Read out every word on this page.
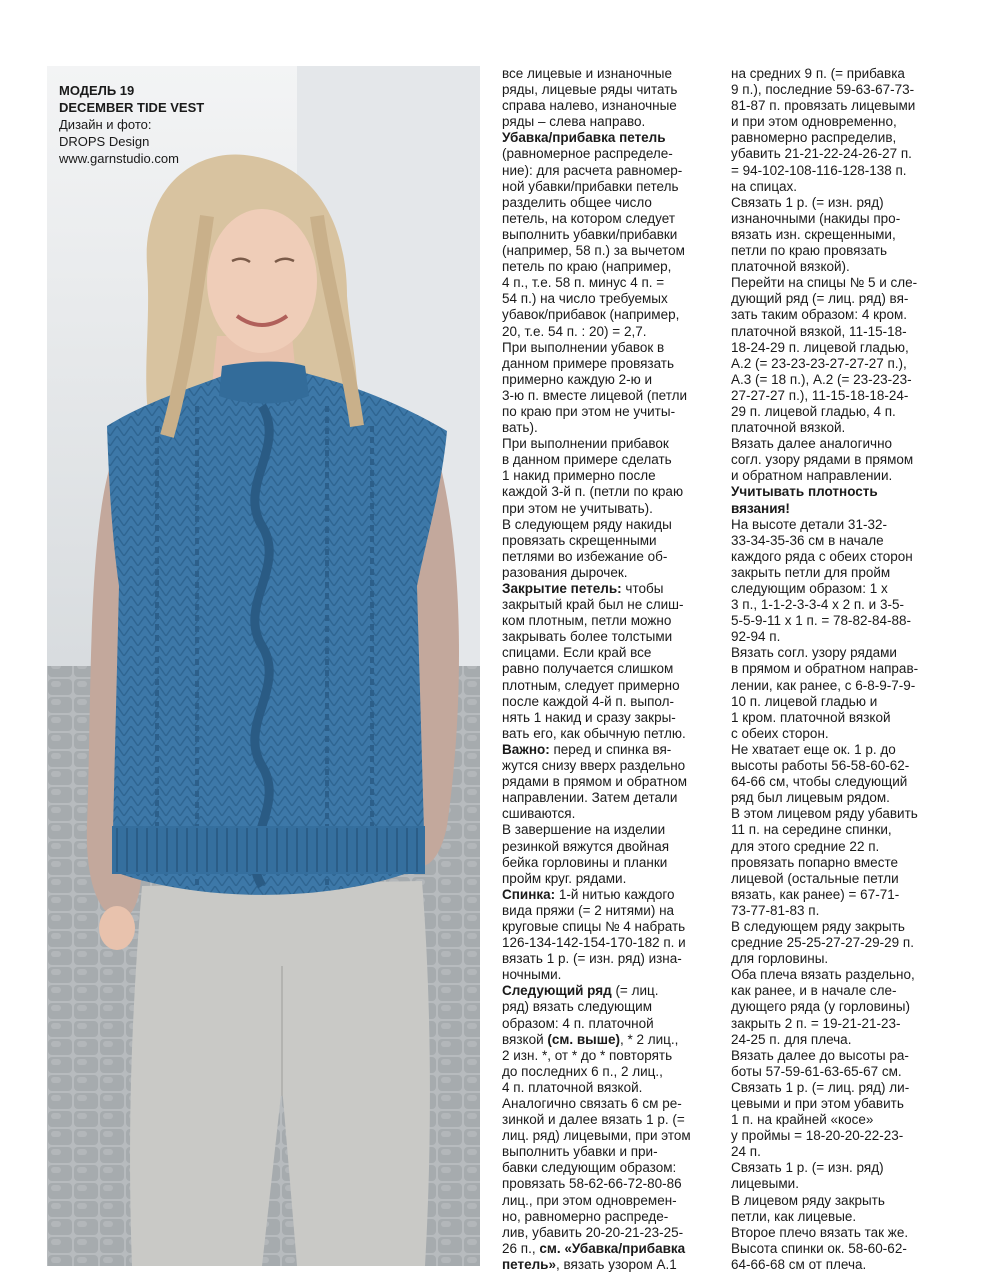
МОДЕЛЬ 19
DECEMBER TIDE VEST
Дизайн и фото:
DROPS Design
www.garnstudio.com
все лицевые и изнаночные
ряды, лицевые ряды читать
справа налево, изнаночные
ряды – слева направо.
Убавка/прибавка петель
(равномерное распределе-
ние): для расчета равномер-
ной убавки/прибавки петель
разделить общее число
петель, на котором следует
выполнить убавки/прибавки
(например, 58 п.) за вычетом
петель по краю (например,
4 п., т.е. 58 п. минус 4 п. =
54 п.) на число требуемых
убавок/прибавок (например,
20, т.е. 54 п. : 20) = 2,7.
При выполнении убавок в
данном примере провязать
примерно каждую 2-ю и
3-ю п. вместе лицевой (петли
по краю при этом не учиты-
вать).
При выполнении прибавок
в данном примере сделать
1 накид примерно после
каждой 3-й п. (петли по краю
при этом не учитывать).
В следующем ряду накиды
провязать скрещенными
петлями во избежание об-
разования дырочек.
Закрытие петель: чтобы
закрытый край был не слиш-
ком плотным, петли можно
закрывать более толстыми
спицами. Если край все
равно получается слишком
плотным, следует примерно
после каждой 4-й п. выпол-
нять 1 накид и сразу закры-
вать его, как обычную петлю.
Важно: перед и спинка вя-
жутся снизу вверх раздельно
рядами в прямом и обратном
направлении. Затем детали
сшиваются.
В завершение на изделии
резинкой вяжутся двойная
бейка горловины и планки
пройм круг. рядами.
Спинка: 1-й нитью каждого
вида пряжи (= 2 нитями) на
круговые спицы № 4 набрать
126-134-142-154-170-182 п. и
вязать 1 р. (= изн. ряд) изна-
ночными.
Следующий ряд (= лиц.
ряд) вязать следующим
образом: 4 п. платочной
вязкой (см. выше), * 2 лиц.,
2 изн. *, от * до * повторять
до последних 6 п., 2 лиц.,
4 п. платочной вязкой.
Аналогично связать 6 см ре-
зинкой и далее вязать 1 р. (=
лиц. ряд) лицевыми, при этом
выполнить убавки и при-
бавки следующим образом:
провязать 58-62-66-72-80-86
лиц., при этом одновремен-
но, равномерно распреде-
лив, убавить 20-20-21-23-25-
26 п., см. «Убавка/прибавка
петель», вязать узором А.1
на средних 9 п. (= прибавка
9 п.), последние 59-63-67-73-
81-87 п. провязать лицевыми
и при этом одновременно,
равномерно распределив,
убавить 21-21-22-24-26-27 п.
= 94-102-108-116-128-138 п.
на спицах.
Связать 1 р. (= изн. ряд)
изнаночными (накиды про-
вязать изн. скрещенными,
петли по краю провязать
платочной вязкой).
Перейти на спицы № 5 и сле-
дующий ряд (= лиц. ряд) вя-
зать таким образом: 4 кром.
платочной вязкой, 11-15-18-
18-24-29 п. лицевой гладью,
А.2 (= 23-23-23-27-27-27 п.),
А.3 (= 18 п.), А.2 (= 23-23-23-
27-27-27 п.), 11-15-18-18-24-
29 п. лицевой гладью, 4 п.
платочной вязкой.
Вязать далее аналогично
согл. узору рядами в прямом
и обратном направлении.
Учитывать плотность
вязания!
На высоте детали 31-32-
33-34-35-36 см в начале
каждого ряда с обеих сторон
закрыть петли для пройм
следующим образом: 1 х
3 п., 1-1-2-3-3-4 х 2 п. и 3-5-
5-5-9-11 х 1 п. = 78-82-84-88-
92-94 п.
Вязать согл. узору рядами
в прямом и обратном направ-
лении, как ранее, с 6-8-9-7-9-
10 п. лицевой гладью и
1 кром. платочной вязкой
с обеих сторон.
Не хватает еще ок. 1 р. до
высоты работы 56-58-60-62-
64-66 см, чтобы следующий
ряд был лицевым рядом.
В этом лицевом ряду убавить
11 п. на середине спинки,
для этого средние 22 п.
провязать попарно вместе
лицевой (остальные петли
вязать, как ранее) = 67-71-
73-77-81-83 п.
В следующем ряду закрыть
средние 25-25-27-27-29-29 п.
для горловины.
Оба плеча вязать раздельно,
как ранее, и в начале сле-
дующего ряда (у горловины)
закрыть 2 п. = 19-21-21-23-
24-25 п. для плеча.
Вязать далее до высоты ра-
боты 57-59-61-63-65-67 см.
Связать 1 р. (= лиц. ряд) ли-
цевыми и при этом убавить
1 п. на крайней «косе»
у проймы = 18-20-20-22-23-
24 п.
Связать 1 р. (= изн. ряд)
лицевыми.
В лицевом ряду закрыть
петли, как лицевые.
Второе плечо вязать так же.
Высота спинки ок. 58-60-62-
64-66-68 см от плеча.
